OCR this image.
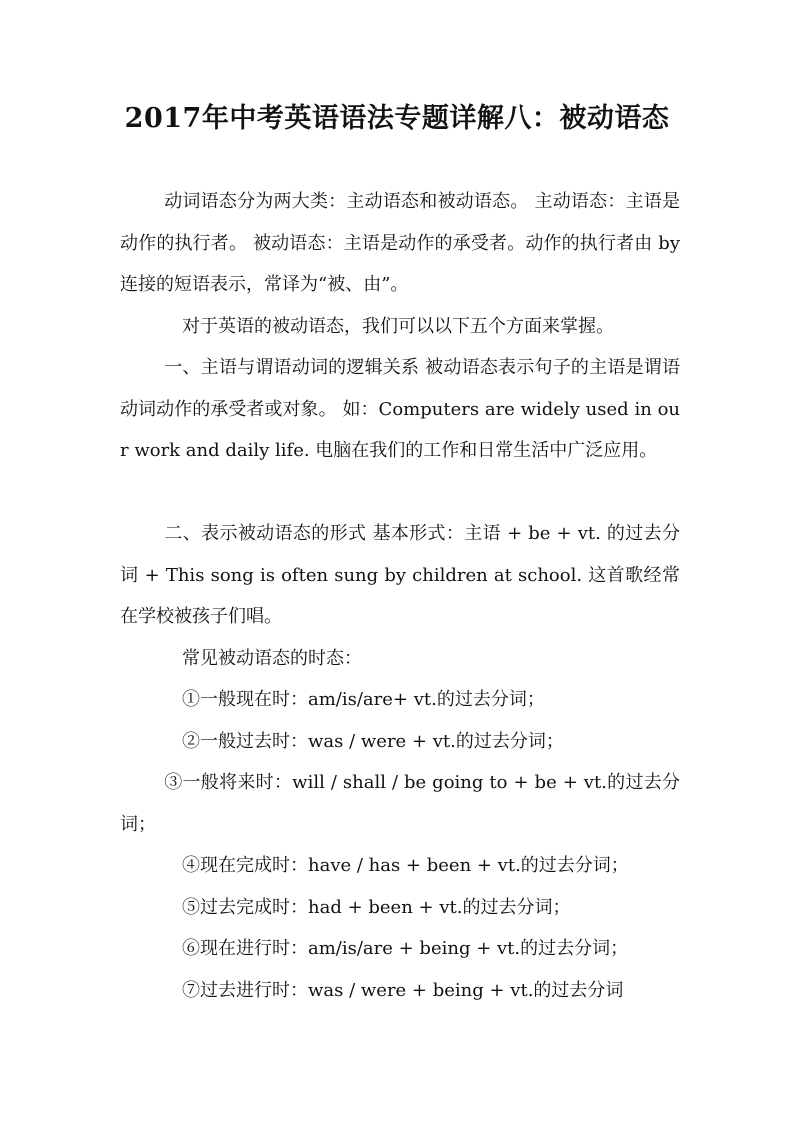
2017年中考英语语法专题详解八：被动语态
动词语态分为两大类：主动语态和被动语态。 主动语态：主语是动作的执行者。 被动语态：主语是动作的承受者。动作的执行者由 by 连接的短语表示，常译为“被、由”。
对于英语的被动语态，我们可以以下五个方面来掌握。
一、主语与谓语动词的逻辑关系 被动语态表示句子的主语是谓语动词动作的承受者或对象。 如：Computers are widely used in our work and daily life. 电脑在我们的工作和日常生活中广泛应用。
二、表示被动语态的形式 基本形式：主语 + be + vt. 的过去分词 + This song is often sung by children at school. 这首歌经常在学校被孩子们唱。
常见被动语态的时态：
①一般现在时：am/is/are+ vt.的过去分词；
②一般过去时：was / were + vt.的过去分词；
③一般将来时：will / shall / be going to + be + vt.的过去分词；
④现在完成时：have / has + been + vt.的过去分词；
⑤过去完成时：had + been + vt.的过去分词；
⑥现在进行时：am/is/are + being + vt.的过去分词；
⑦过去进行时：was / were + being + vt.的过去分词
